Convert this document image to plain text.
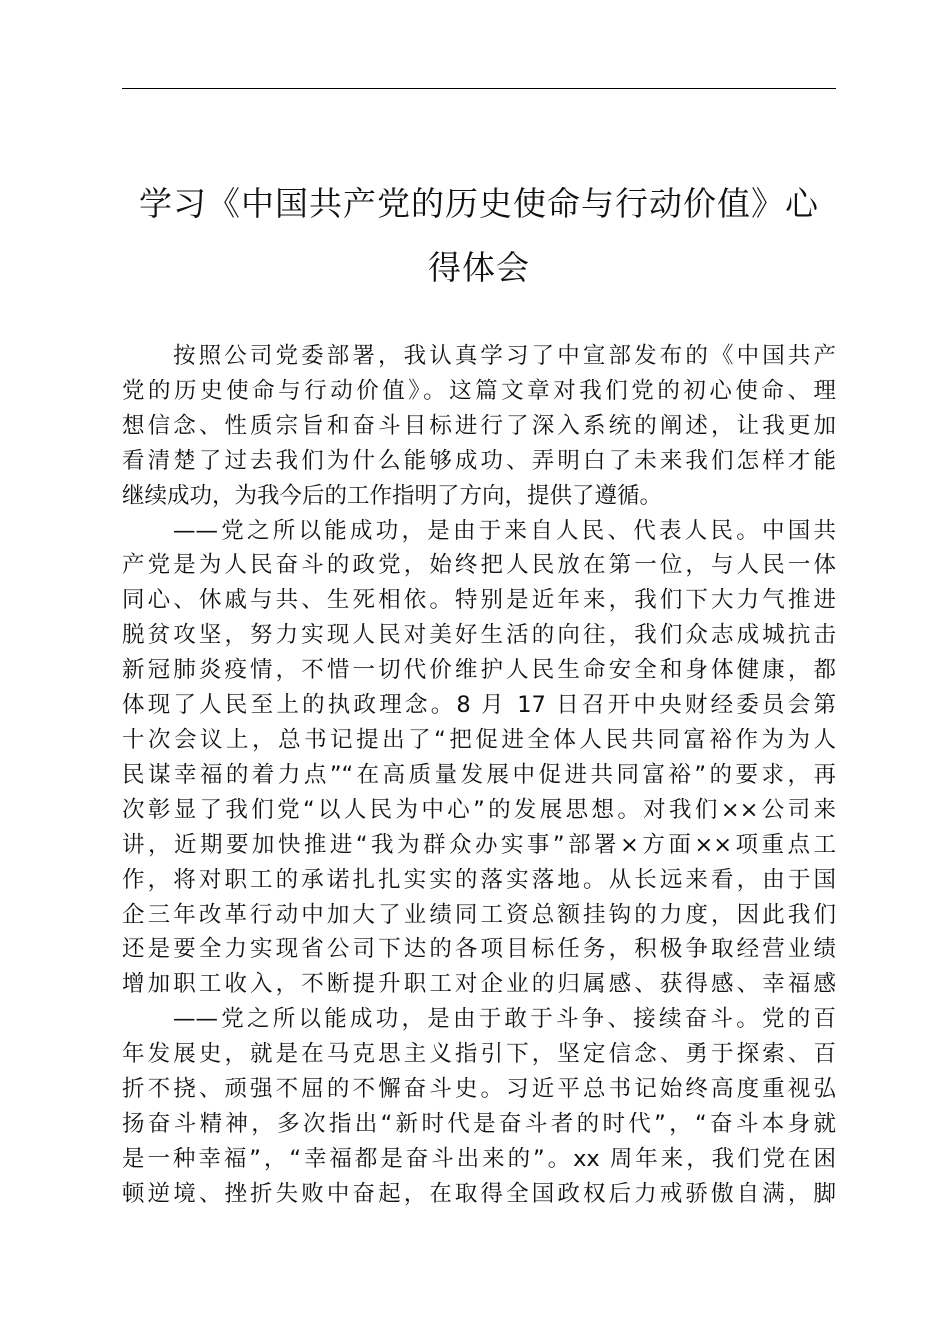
学习《中国共产党的历史使命与行动价值》心
得体会

按照公司党委部署，我认真学习了中宣部发布的《中国共产
党的历史使命与行动价值》。这篇文章对我们党的初心使命、理
想信念、性质宗旨和奋斗目标进行了深入系统的阐述，让我更加
看清楚了过去我们为什么能够成功、弄明白了未来我们怎样才能
继续成功，为我今后的工作指明了方向，提供了遵循。

——党之所以能成功，是由于来自人民、代表人民。中国共
产党是为人民奋斗的政党，始终把人民放在第一位，与人民一体
同心、休戚与共、生死相依。特别是近年来，我们下大力气推进
脱贫攻坚，努力实现人民对美好生活的向往，我们众志成城抗击
新冠肺炎疫情，不惜一切代价维护人民生命安全和身体健康，都
体现了人民至上的执政理念。8 月 17 日召开中央财经委员会第
十次会议上，总书记提出了“把促进全体人民共同富裕作为为人
民谋幸福的着力点”“在高质量发展中促进共同富裕”的要求，再
次彰显了我们党“以人民为中心”的发展思想。对我们××公司来
讲，近期要加快推进“我为群众办实事”部署×方面××项重点工
作，将对职工的承诺扎扎实实的落实落地。从长远来看，由于国
企三年改革行动中加大了业绩同工资总额挂钩的力度，因此我们
还是要全力实现省公司下达的各项目标任务，积极争取经营业绩
增加职工收入，不断提升职工对企业的归属感、获得感、幸福感

——党之所以能成功，是由于敢于斗争、接续奋斗。党的百
年发展史，就是在马克思主义指引下，坚定信念、勇于探索、百
折不挠、顽强不屈的不懈奋斗史。习近平总书记始终高度重视弘
扬奋斗精神，多次指出“新时代是奋斗者的时代”，“奋斗本身就
是一种幸福”，“幸福都是奋斗出来的”。xx 周年来，我们党在困
顿逆境、挫折失败中奋起，在取得全国政权后力戒骄傲自满，脚
